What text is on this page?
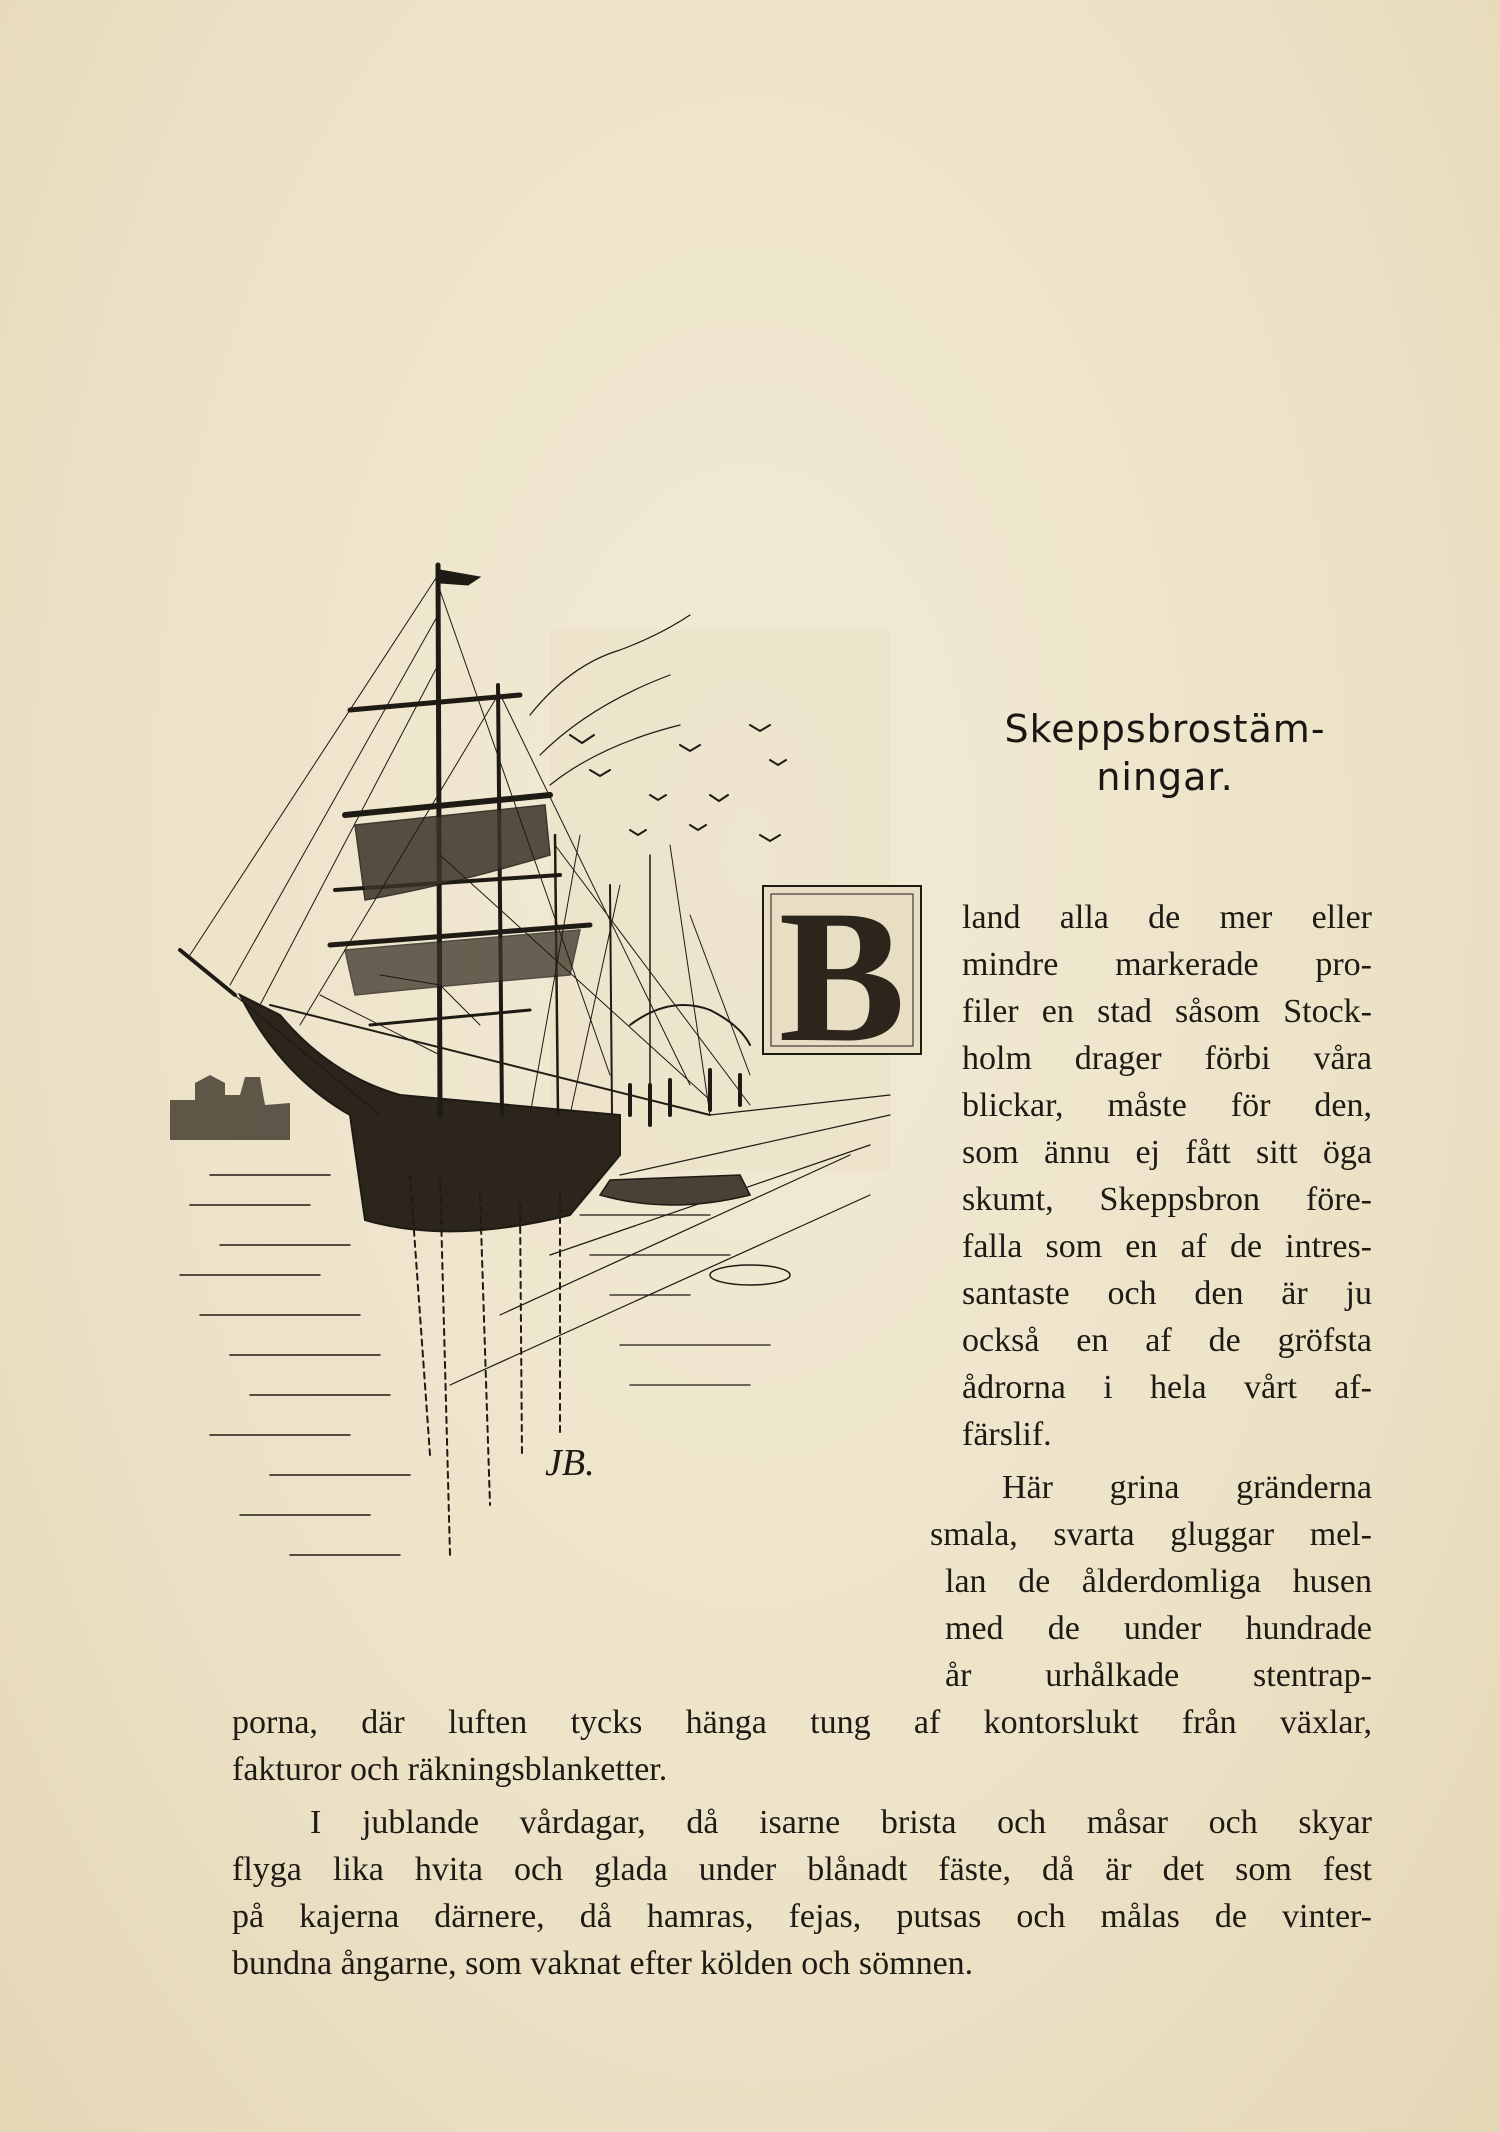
JB.
Skeppsbrostäm-
ningar.
B land alla de mer eller
mindre markerade pro-
filer en stad såsom Stock-
holm drager förbi våra
blickar, måste för den,
som ännu ej fått sitt öga
skumt, Skeppsbron före-
falla som en af de intres-
santaste och den är ju
också en af de gröfsta
ådrorna i hela vårt af-
färslif.
Här grina gränderna
smala, svarta gluggar mel-
lan de ålderdomliga husen
med de under hundrade
år urhålkade stentrap-
porna, där luften tycks hänga tung af kontorslukt från växlar,
fakturor och räkningsblanketter.
I jublande vårdagar, då isarne brista och måsar och skyar
flyga lika hvita och glada under blånadt fäste, då är det som fest
på kajerna därnere, då hamras, fejas, putsas och målas de vinter-
bundna ångarne, som vaknat efter kölden och sömnen.
